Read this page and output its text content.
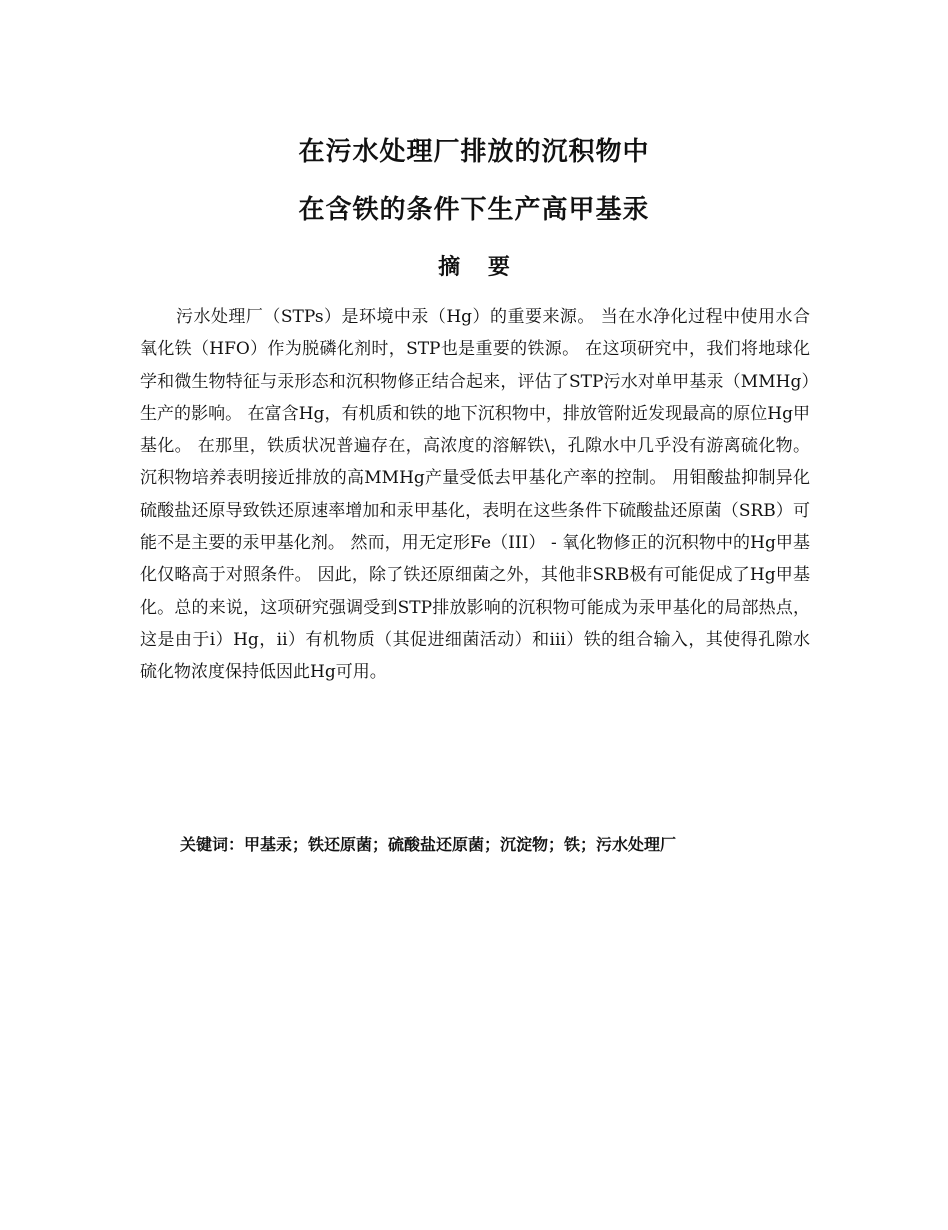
在污水处理厂排放的沉积物中
在含铁的条件下生产高甲基汞
摘 要

污水处理厂（STPs）是环境中汞（Hg）的重要来源。 当在水净化过程中使用水合氧化铁（HFO）作为脱磷化剂时，STP也是重要的铁源。 在这项研究中，我们将地球化学和微生物特征与汞形态和沉积物修正结合起来，评估了STP污水对单甲基汞（MMHg）生产的影响。 在富含Hg，有机质和铁的地下沉积物中，排放管附近发现最高的原位Hg甲基化。 在那里，铁质状况普遍存在，高浓度的溶解铁\，孔隙水中几乎没有游离硫化物。 沉积物培养表明接近排放的高MMHg产量受低去甲基化产率的控制。 用钼酸盐抑制异化硫酸盐还原导致铁还原速率增加和汞甲基化，表明在这些条件下硫酸盐还原菌（SRB）可能不是主要的汞甲基化剂。 然而，用无定形Fe（III） - 氧化物修正的沉积物中的Hg甲基化仅略高于对照条件。 因此，除了铁还原细菌之外，其他非SRB极有可能促成了Hg甲基化。总的来说，这项研究强调受到STP排放影响的沉积物可能成为汞甲基化的局部热点，这是由于i）Hg，ii）有机物质（其促进细菌活动）和iii）铁的组合输入，其使得孔隙水硫化物浓度保持低因此Hg可用。

关键词：甲基汞；铁还原菌；硫酸盐还原菌；沉淀物；铁；污水处理厂
